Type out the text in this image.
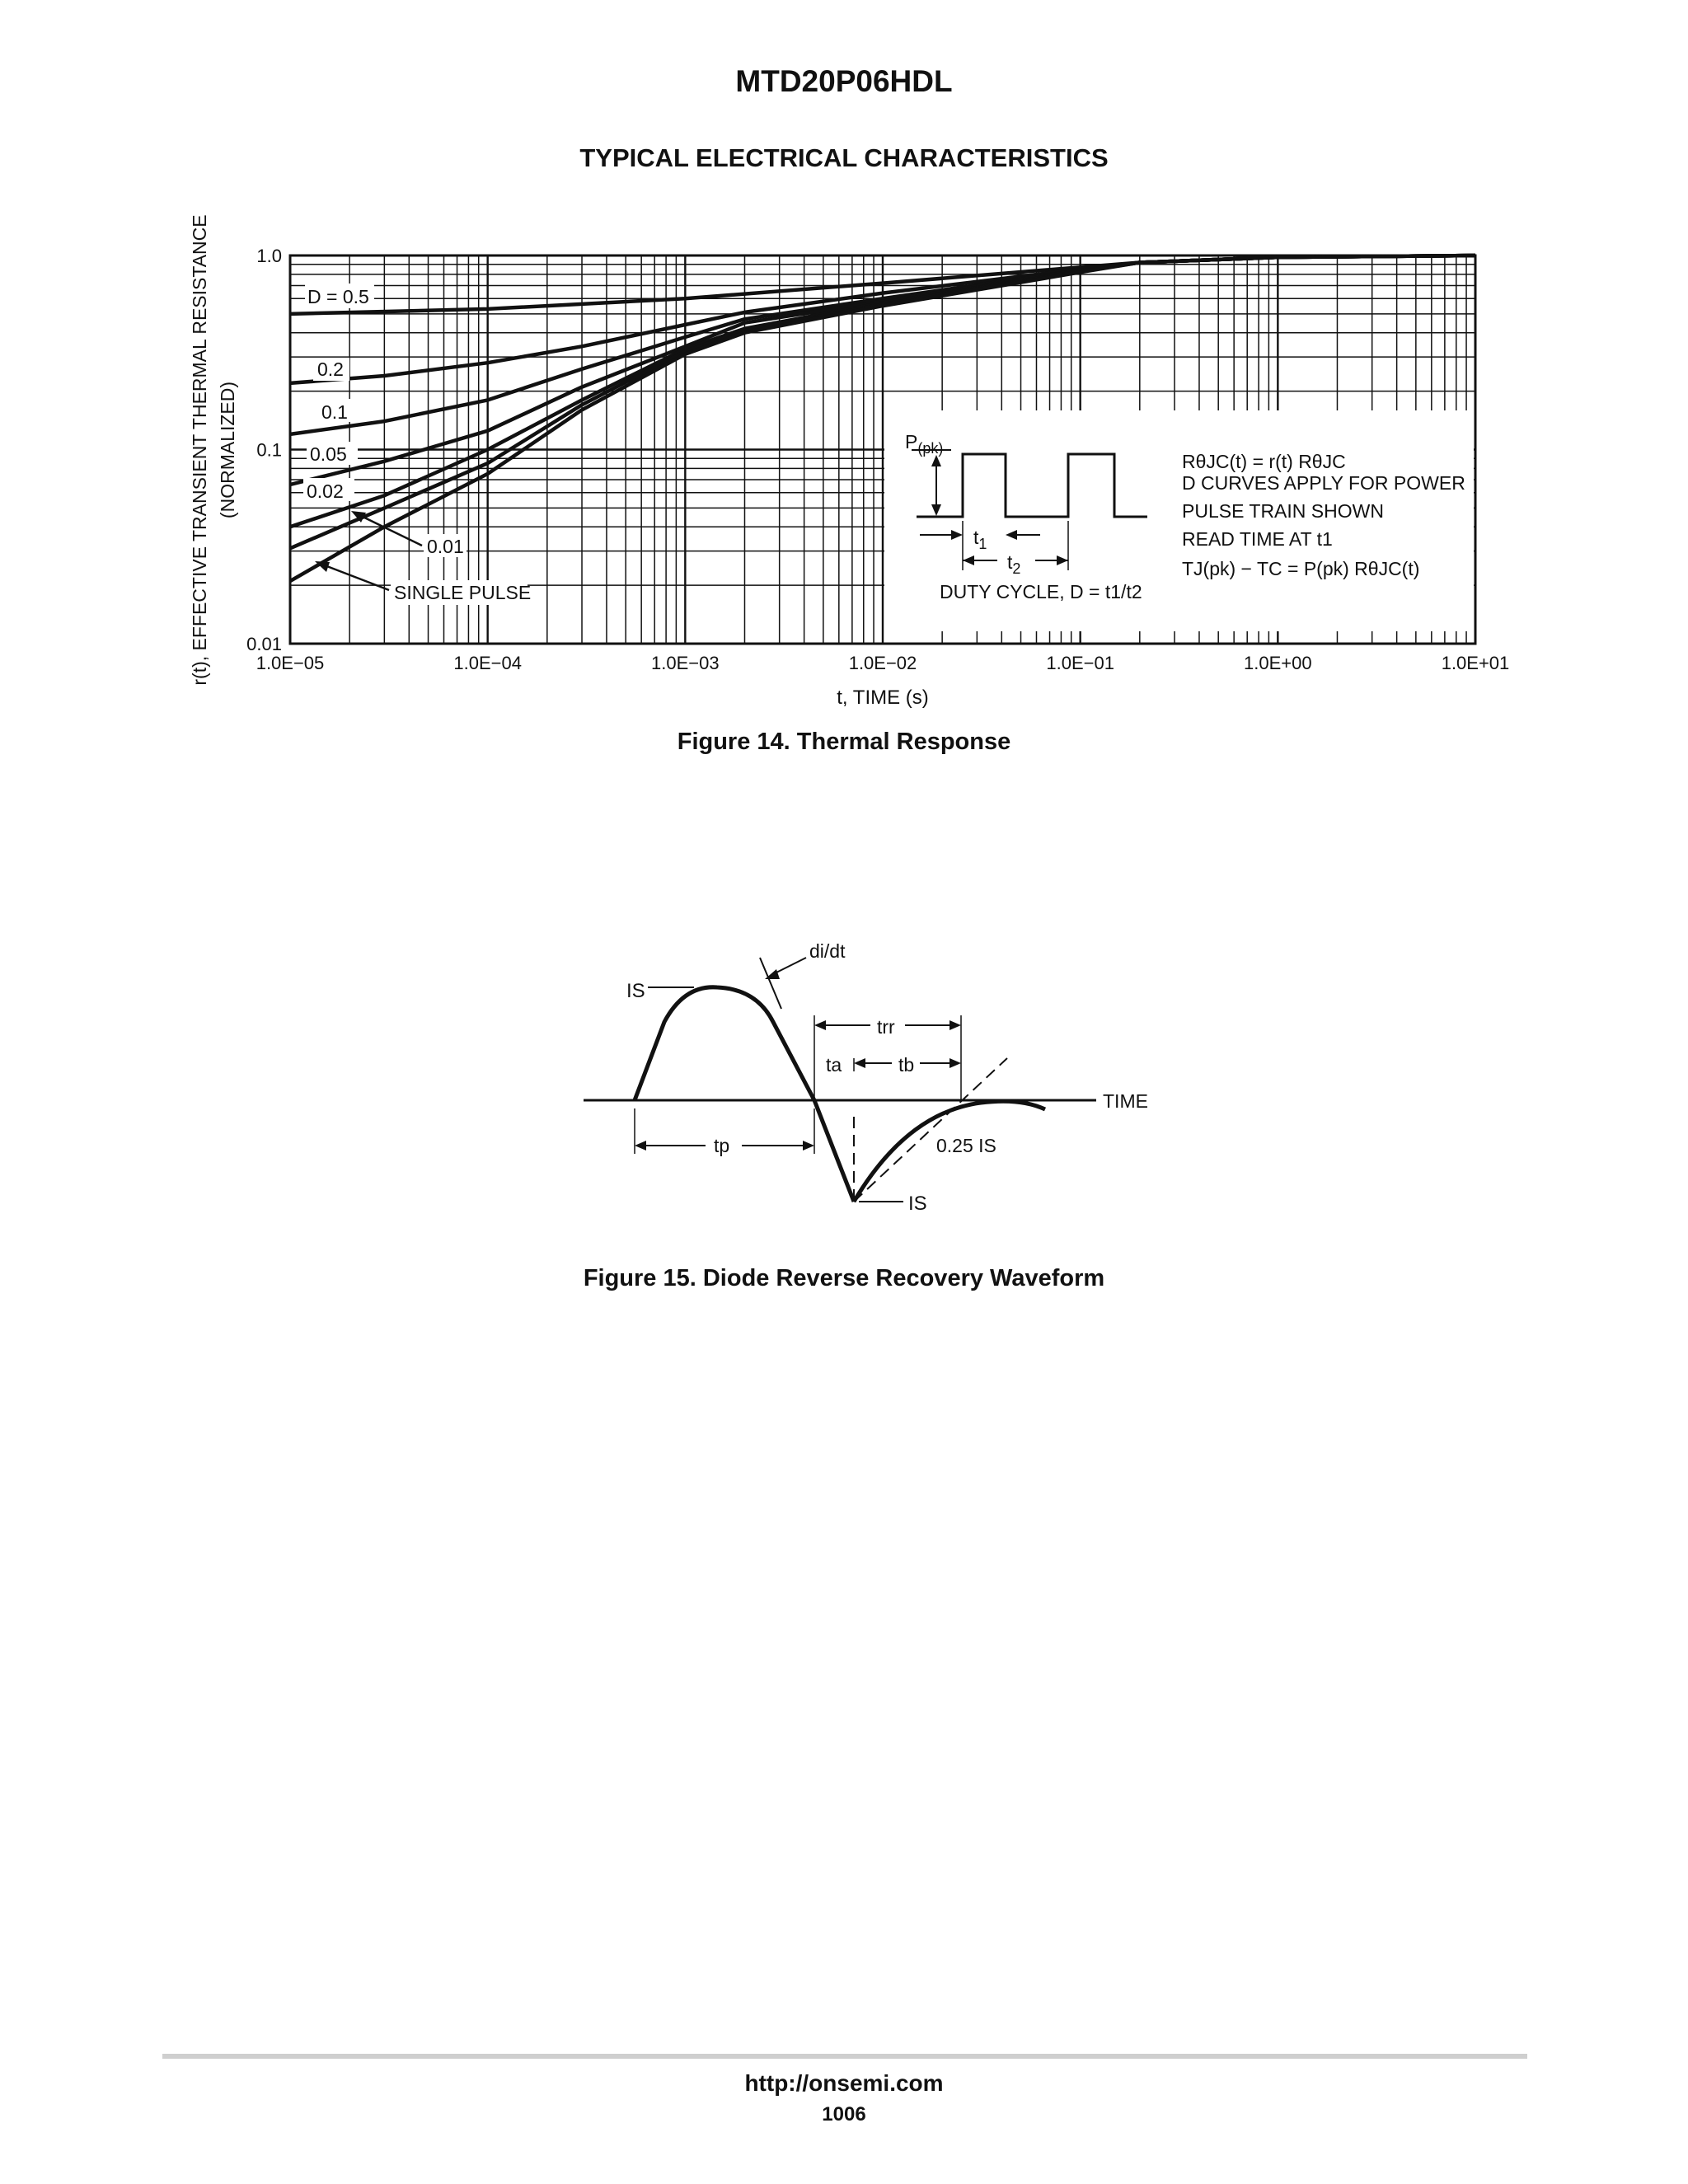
MTD20P06HDL
TYPICAL ELECTRICAL CHARACTERISTICS
1.0E−05	1.0E−04	1.0E−03	1.0E−02	1.0E−01	1.0E+00	1.0E+01
0.01
0.1
1.0
$P_{(pk)}$
$t_1$
$t_2$
DUTY CYCLE, D = t1/t2
RθJC(t) = r(t) RθJC
D CURVES APPLY FOR POWER
PULSE TRAIN SHOWN
READ TIME AT t1
TJ(pk) − TC = P(pk) RθJC(t)
D = 0.5
0.2
0.1
0.05
0.02
0.01
SINGLE PULSE
r(t), EFFECTIVE TRANSIENT THERMAL RESISTANCE (NORMALIZED)
t, TIME (s)
Figure 14. Thermal Response
TIME
IS
di/dt
trr
ta	tb
tp	0.25 IS
IS
Figure 15. Diode Reverse Recovery Waveform
http://onsemi.com
1006
